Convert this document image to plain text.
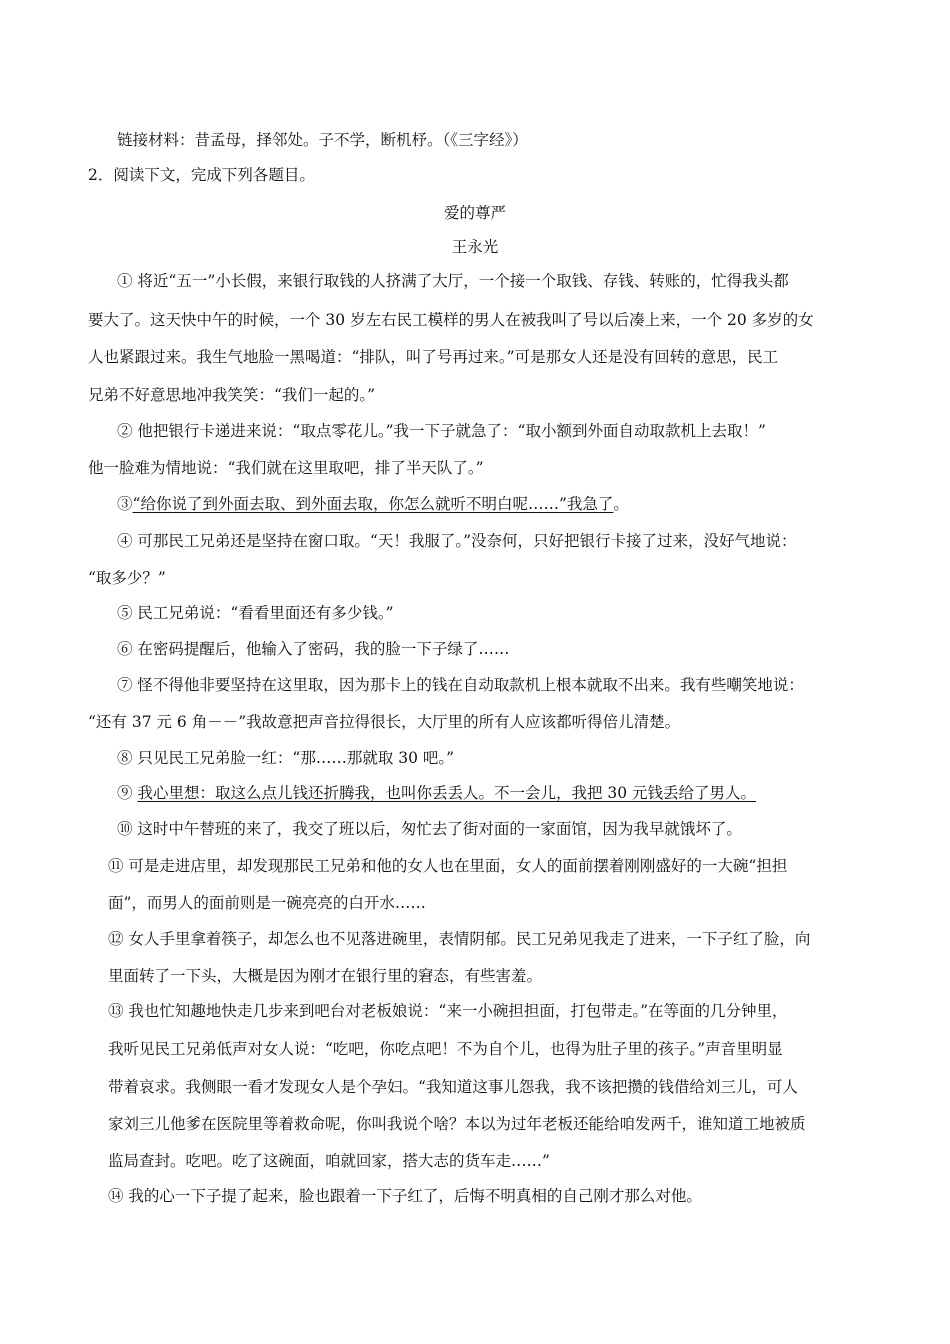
链接材料：昔孟母，择邻处。子不学，断机杼。（《三字经》）
2．阅读下文，完成下列各题目。
爱的尊严
王永光
① 将近“五一”小长假，来银行取钱的人挤满了大厅，一个接一个取钱、存钱、转账的，忙得我头都
要大了。这天快中午的时候，一个 30 岁左右民工模样的男人在被我叫了号以后凑上来，一个 20 多岁的女
人也紧跟过来。我生气地脸一黑喝道：“排队，叫了号再过来。”可是那女人还是没有回转的意思，民工
兄弟不好意思地冲我笑笑：“我们一起的。”
② 他把银行卡递进来说：“取点零花儿。”我一下子就急了：“取小额到外面自动取款机上去取！”
他一脸难为情地说：“我们就在这里取吧，排了半天队了。”
③“给你说了到外面去取、到外面去取，你怎么就听不明白呢……”我急了。
④ 可那民工兄弟还是坚持在窗口取。“天！我服了。”没奈何，只好把银行卡接了过来，没好气地说：
“取多少？”
⑤ 民工兄弟说：“看看里面还有多少钱。”
⑥ 在密码提醒后，他输入了密码，我的脸一下子绿了……
⑦ 怪不得他非要坚持在这里取，因为那卡上的钱在自动取款机上根本就取不出来。我有些嘲笑地说：
“还有 37 元 6 角－－”我故意把声音拉得很长，大厅里的所有人应该都听得倍儿清楚。
⑧ 只见民工兄弟脸一红：“那……那就取 30 吧。”
⑨ 我心里想：取这么点儿钱还折腾我，也叫你丢丢人。不一会儿，我把 30 元钱丢给了男人。
⑩ 这时中午替班的来了，我交了班以后，匆忙去了街对面的一家面馆，因为我早就饿坏了。
⑪ 可是走进店里，却发现那民工兄弟和他的女人也在里面，女人的面前摆着刚刚盛好的一大碗“担担
面”，而男人的面前则是一碗亮亮的白开水……
⑫ 女人手里拿着筷子，却怎么也不见落进碗里，表情阴郁。民工兄弟见我走了进来，一下子红了脸，向
里面转了一下头，大概是因为刚才在银行里的窘态，有些害羞。
⑬ 我也忙知趣地快走几步来到吧台对老板娘说：“来一小碗担担面，打包带走。”在等面的几分钟里，
我听见民工兄弟低声对女人说：“吃吧，你吃点吧！不为自个儿，也得为肚子里的孩子。”声音里明显
带着哀求。我侧眼一看才发现女人是个孕妇。“我知道这事儿怨我，我不该把攒的钱借给刘三儿，可人
家刘三儿他爹在医院里等着救命呢，你叫我说个啥？本以为过年老板还能给咱发两千，谁知道工地被质
监局查封。吃吧。吃了这碗面，咱就回家，搭大志的货车走……”
⑭ 我的心一下子提了起来，脸也跟着一下子红了，后悔不明真相的自己刚才那么对他。
